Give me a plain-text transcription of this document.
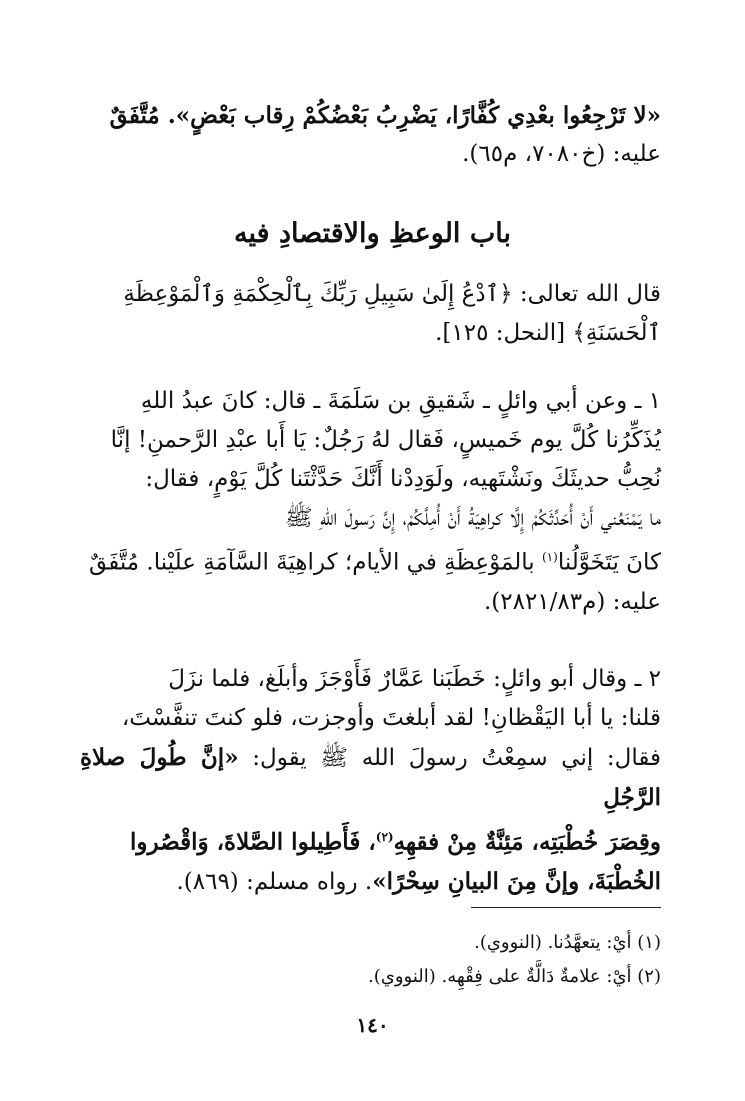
«لا تَرْجِعُوا بعْدِي كُفَّارًا، يَضْرِبُ بَعْضُكُمْ رِقاب بَعْضٍ». مُتَّفَقٌ

عليه: (خ٧٠٨٠، م٦٥).

باب الوعظِ والاقتصادِ فيه

قال الله تعالى: ﴿ٱدْعُ إِلَىٰ سَبِيلِ رَبِّكَ بِٱلْحِكْمَةِ وَٱلْمَوْعِظَةِ

ٱلْحَسَنَةِ﴾ [النحل: ١٢٥].

١ ـ وعن أبي وائلٍ ـ شَقيقِ بن سَلَمَةَ ـ قال: كانَ عبدُ اللهِ

يُذَكِّرُنا كُلَّ يوم خَميسٍ، فَقال لهُ رَجُلٌ: يَا أَبا عبْدِ الرَّحمنِ! إنَّا

نُحِبُّ حديثَكَ ونَشْتَهيه، ولَوَدِدْنا أَنَّكَ حَدَّثْتَنا كُلَّ يَوْمٍ، فقال:

ما يَمْنَعُني أَنْ أُحَدِّثَكُمْ إِلَّا كراهِيَةُ أَنْ أُمِلَّكُمْ، إِنَّ رَسولَ اللهِ ﷺ

كانَ يَتَخَوَّلُنا$^{(١)}$ بالمَوْعِظَةِ في الأيام؛ كراهِيَةَ السَّآمَةِ علَيْنا. مُتَّفَقٌ

عليه: (م٢٨٢١/٨٣).

٢ ـ وقال أبو وائلٍ: خَطَبَنا عَمَّارٌ فَأَوْجَزَ وأبلَغ، فلما نزَلَ

قلنا: يا أبا اليَقْظانِ! لقد أبلغتَ وأوجزت، فلو كنتَ تنفَّسْتَ،

فقال: إني سمِعْتُ رسولَ الله ﷺ يقول: «إنَّ طُولَ صلاةِ الرَّجُلِ

وقِصَرَ خُطْبَتِه، مَئِنَّةٌ مِنْ فقهِهِ$^{(٢)}$، فَأَطِيلوا الصَّلاةَ، وَاقْصُروا

الخُطْبَةَ، وإنَّ مِنَ البيانِ سِحْرًا». رواه مسلم: (٨٦٩).

(١) أيْ: يتعهَّدُنا. (النووي).

(٢) أيْ: علامةٌ دَالَّةٌ على فِقْهِه. (النووي).

١٤٠
